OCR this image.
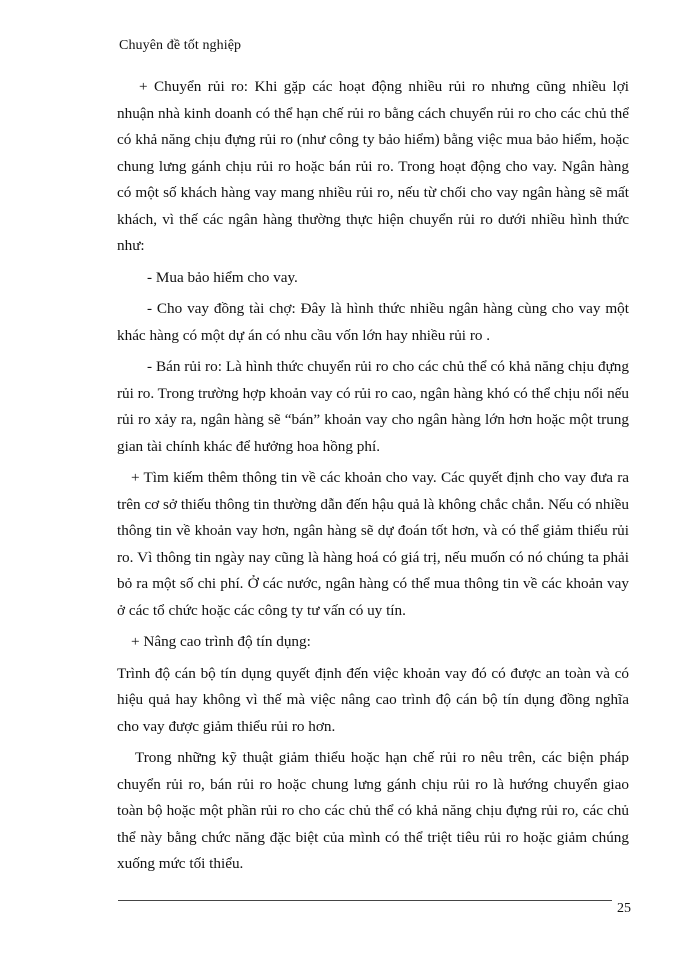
Chuyên đề tốt nghiệp

+ Chuyển rủi ro: Khi gặp các hoạt động nhiều rủi ro nhưng cũng nhiều lợi nhuận nhà kinh doanh có thể hạn chế rủi ro bằng cách chuyển rủi ro cho các chủ thể có khả năng chịu đựng rủi ro (như công ty bảo hiểm) bằng việc mua bảo hiểm, hoặc chung lưng gánh chịu rủi ro hoặc bán rủi ro. Trong hoạt động cho vay. Ngân hàng có một số khách hàng vay mang nhiều rủi ro, nếu từ chối cho vay ngân hàng sẽ mất khách, vì thế các ngân hàng thường thực hiện chuyển rủi ro dưới nhiều hình thức như:

- Mua bảo hiểm cho vay.

- Cho vay đồng tài chợ: Đây là hình thức nhiều ngân hàng cùng cho vay một khác hàng có một dự án có nhu cầu vốn lớn hay nhiều rủi ro .

- Bán rủi ro: Là hình thức chuyển rủi ro cho các chủ thể có khả năng chịu đựng rủi ro. Trong trường hợp khoản vay có rủi ro cao, ngân hàng khó có thể chịu nổi nếu rủi ro xảy ra, ngân hàng sẽ “bán” khoản vay cho ngân hàng lớn hơn hoặc một trung gian tài chính khác để hưởng hoa hồng phí.

+ Tìm kiếm thêm thông tin về các khoản cho vay. Các quyết định cho vay đưa ra trên cơ sở thiếu thông tin thường dẫn đến hậu quả là không chắc chắn. Nếu có nhiều thông tin về khoản vay hơn, ngân hàng sẽ dự đoán tốt hơn, và có thể giảm thiểu rủi ro. Vì thông tin ngày nay cũng là hàng hoá có giá trị, nếu muốn có nó chúng ta phải bỏ ra một số chi phí. Ở các nước, ngân hàng có thể mua thông tin về các khoản vay ở các tổ chức hoặc các công ty tư vấn có uy tín.

+ Nâng cao trình độ tín dụng:

Trình độ cán bộ tín dụng quyết định đến việc khoản vay đó có được an toàn và có hiệu quả hay không vì thế mà việc nâng cao trình độ cán bộ tín dụng đồng nghĩa cho vay được giảm thiểu rủi ro hơn.

Trong những kỹ thuật giảm thiểu hoặc hạn chế rủi ro nêu trên, các biện pháp chuyển rủi ro, bán rủi ro hoặc chung lưng gánh chịu rủi ro là hướng chuyển giao toàn bộ hoặc một phần rủi ro cho các chủ thể có khả năng chịu đựng rủi ro, các chủ thể này bằng chức năng đặc biệt của mình có thể triệt tiêu rủi ro hoặc giảm chúng xuống mức tối thiểu.

25
